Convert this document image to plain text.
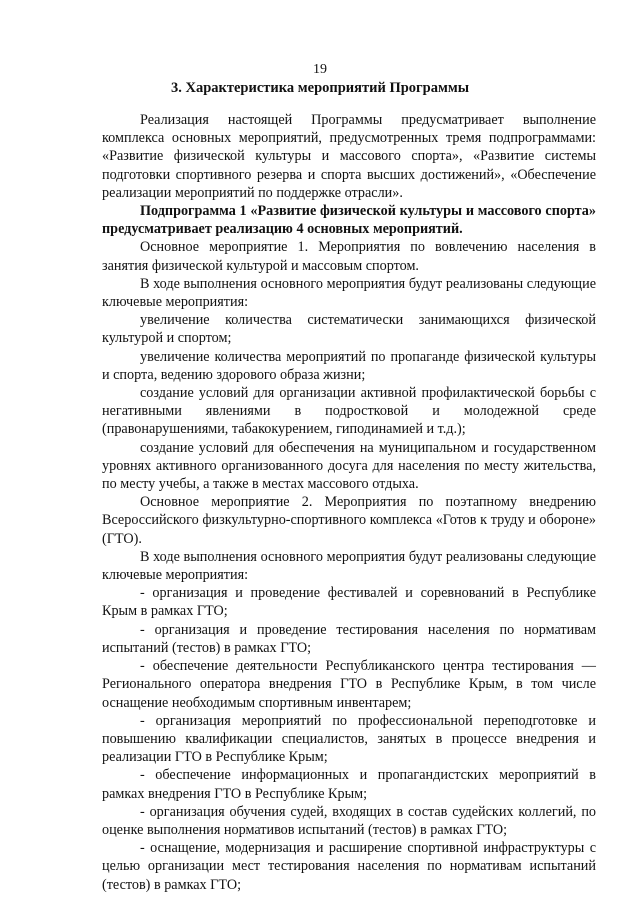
19
3. Характеристика мероприятий Программы

Реализация настоящей Программы предусматривает выполнение комплекса основных мероприятий, предусмотренных тремя подпрограммами: «Развитие физической культуры и массового спорта», «Развитие системы подготовки спортивного резерва и спорта высших достижений», «Обеспечение реализации мероприятий по поддержке отрасли».

Подпрограмма 1 «Развитие физической культуры и массового спорта» предусматривает реализацию 4 основных мероприятий.

Основное мероприятие 1. Мероприятия по вовлечению населения в занятия физической культурой и массовым спортом.

В ходе выполнения основного мероприятия будут реализованы следующие ключевые мероприятия:

увеличение количества систематически занимающихся физической культурой и спортом;

увеличение количества мероприятий по пропаганде физической культуры и спорта, ведению здорового образа жизни;

создание условий для организации активной профилактической борьбы с негативными явлениями в подростковой и молодежной среде (правонарушениями, табакокурением, гиподинамией и т.д.);

создание условий для обеспечения на муниципальном и государственном уровнях активного организованного досуга для населения по месту жительства, по месту учебы, а также в местах массового отдыха.

Основное мероприятие 2. Мероприятия по поэтапному внедрению Всероссийского физкультурно-спортивного комплекса «Готов к труду и обороне» (ГТО).

В ходе выполнения основного мероприятия будут реализованы следующие ключевые мероприятия:

- организация и проведение фестивалей и соревнований в Республике Крым в рамках ГТО;

- организация и проведение тестирования населения по нормативам испытаний (тестов) в рамках ГТО;

- обеспечение деятельности Республиканского центра тестирования — Регионального оператора внедрения ГТО в Республике Крым, в том числе оснащение необходимым спортивным инвентарем;

- организация мероприятий по профессиональной переподготовке и повышению квалификации специалистов, занятых в процессе внедрения и реализации ГТО в Республике Крым;

- обеспечение информационных и пропагандистских мероприятий в рамках внедрения ГТО в Республике Крым;

- организация обучения судей, входящих в состав судейских коллегий, по оценке выполнения нормативов испытаний (тестов) в рамках ГТО;

- оснащение, модернизация и расширение спортивной инфраструктуры с целью организации мест тестирования населения по нормативам испытаний (тестов) в рамках ГТО;
